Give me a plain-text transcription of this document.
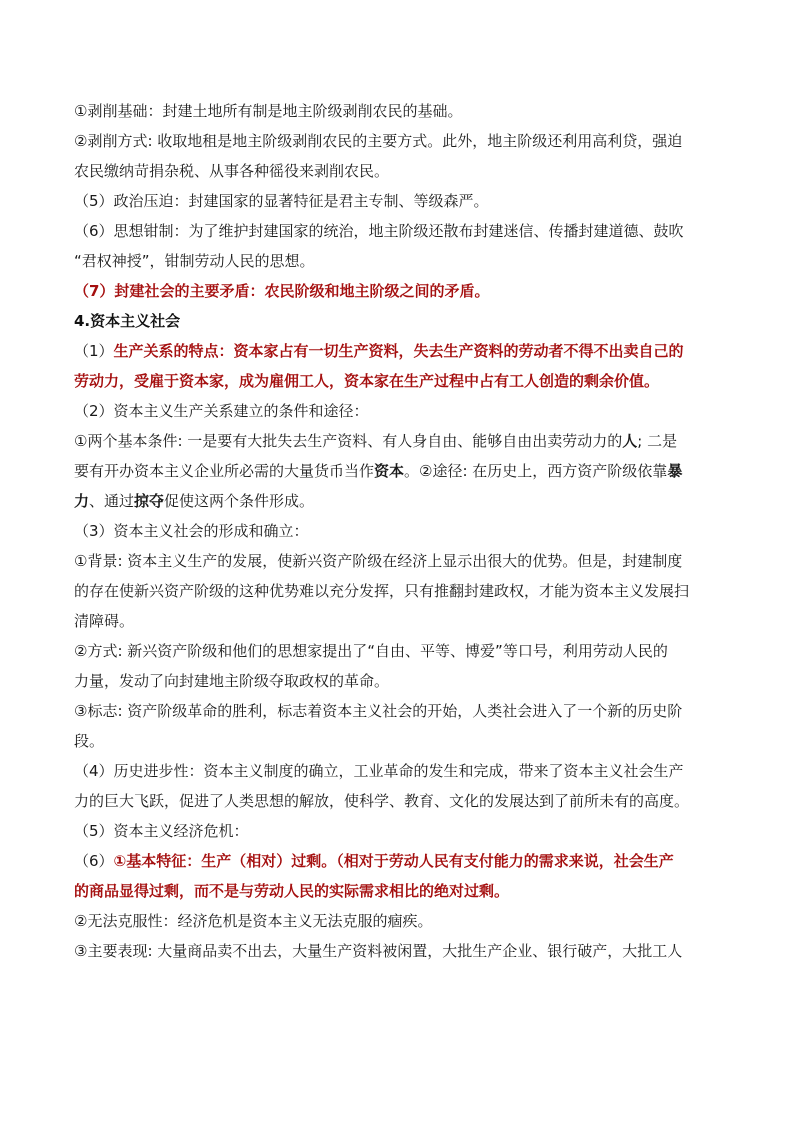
①剥削基础：封建土地所有制是地主阶级剥削农民的基础。
②剥削方式: 收取地租是地主阶级剥削农民的主要方式。此外，地主阶级还利用高利贷，强迫
农民缴纳苛捐杂税、从事各种徭役来剥削农民。
（5）政治压迫：封建国家的显著特征是君主专制、等级森严。
（6）思想钳制：为了维护封建国家的统治，地主阶级还散布封建迷信、传播封建道德、鼓吹
“君权神授”，钳制劳动人民的思想。
（7）封建社会的主要矛盾：农民阶级和地主阶级之间的矛盾。
4.资本主义社会
（1）生产关系的特点：资本家占有一切生产资料，失去生产资料的劳动者不得不出卖自己的
劳动力，受雇于资本家，成为雇佣工人，资本家在生产过程中占有工人创造的剩余价值。
（2）资本主义生产关系建立的条件和途径：
①两个基本条件: 一是要有大批失去生产资料、有人身自由、能够自由出卖劳动力的人; 二是
要有开办资本主义企业所必需的大量货币当作资本。②途径: 在历史上，西方资产阶级依靠暴
力、通过掠夺促使这两个条件形成。
（3）资本主义社会的形成和确立：
①背景: 资本主义生产的发展，使新兴资产阶级在经济上显示出很大的优势。但是，封建制度
的存在使新兴资产阶级的这种优势难以充分发挥，只有推翻封建政权，才能为资本主义发展扫
清障碍。
②方式: 新兴资产阶级和他们的思想家提出了“自由、平等、博爱”等口号，利用劳动人民的
力量，发动了向封建地主阶级夺取政权的革命。
③标志: 资产阶级革命的胜利，标志着资本主义社会的开始，人类社会进入了一个新的历史阶
段。
（4）历史进步性：资本主义制度的确立，工业革命的发生和完成，带来了资本主义社会生产
力的巨大飞跃，促进了人类思想的解放，使科学、教育、文化的发展达到了前所未有的高度。
（5）资本主义经济危机：
（6）①基本特征：生产（相对）过剩。（相对于劳动人民有支付能力的需求来说，社会生产
的商品显得过剩，而不是与劳动人民的实际需求相比的绝对过剩。
②无法克服性：经济危机是资本主义无法克服的痼疾。
③主要表现: 大量商品卖不出去，大量生产资料被闲置，大批生产企业、银行破产，大批工人
